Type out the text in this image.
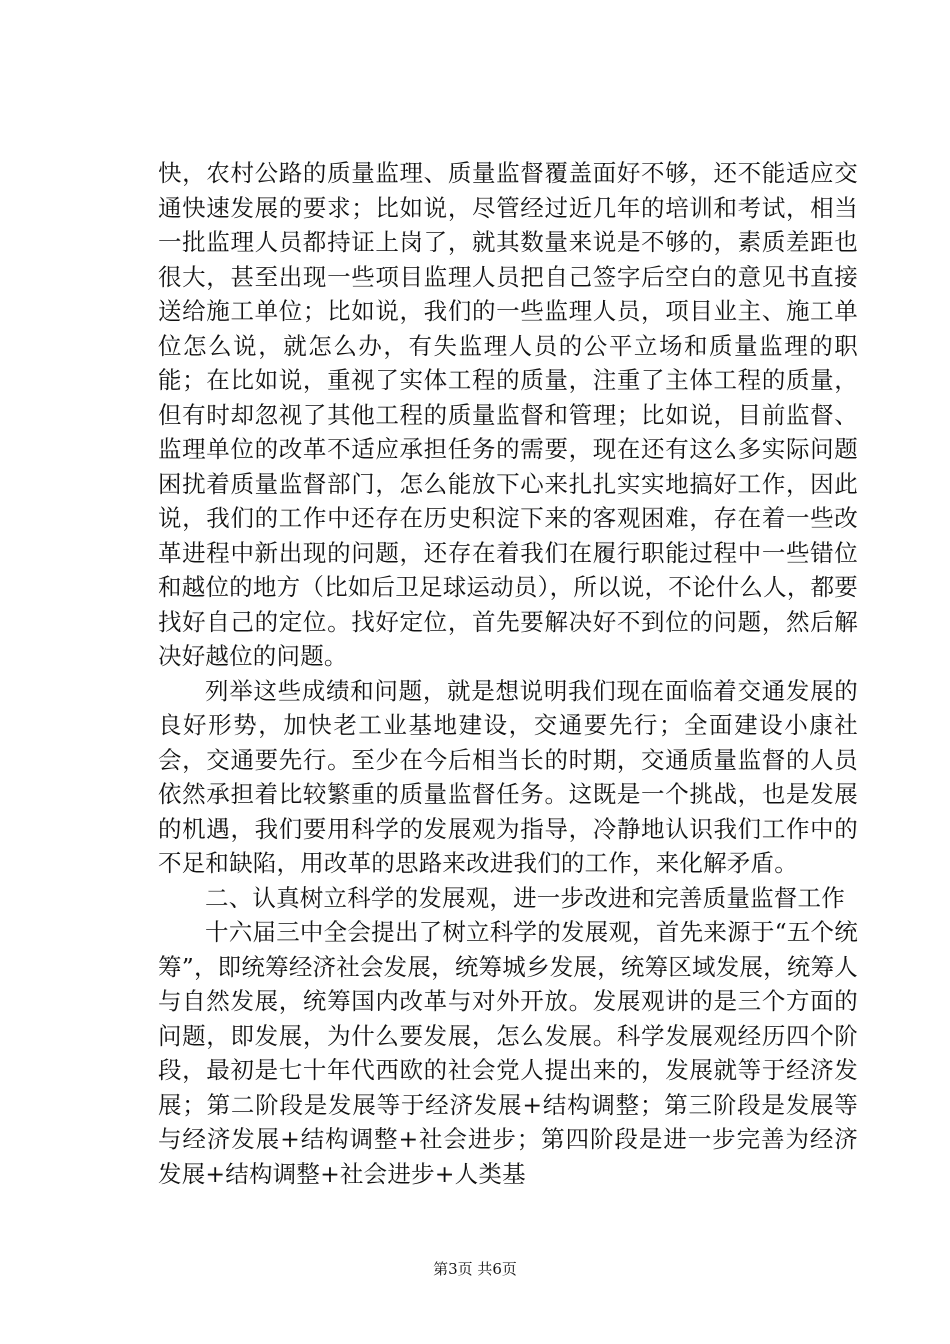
快，农村公路的质量监理、质量监督覆盖面好不够，还不能适应交通快速发展的要求；比如说，尽管经过近几年的培训和考试，相当一批监理人员都持证上岗了，就其数量来说是不够的，素质差距也很大，甚至出现一些项目监理人员把自己签字后空白的意见书直接送给施工单位；比如说，我们的一些监理人员，项目业主、施工单位怎么说，就怎么办，有失监理人员的公平立场和质量监理的职能；在比如说，重视了实体工程的质量，注重了主体工程的质量，但有时却忽视了其他工程的质量监督和管理；比如说，目前监督、监理单位的改革不适应承担任务的需要，现在还有这么多实际问题困扰着质量监督部门，怎么能放下心来扎扎实实地搞好工作，因此说，我们的工作中还存在历史积淀下来的客观困难，存在着一些改革进程中新出现的问题，还存在着我们在履行职能过程中一些错位和越位的地方（比如后卫足球运动员），所以说，不论什么人，都要找好自己的定位。找好定位，首先要解决好不到位的问题，然后解决好越位的问题。

列举这些成绩和问题，就是想说明我们现在面临着交通发展的良好形势，加快老工业基地建设，交通要先行；全面建设小康社会，交通要先行。至少在今后相当长的时期，交通质量监督的人员依然承担着比较繁重的质量监督任务。这既是一个挑战，也是发展的机遇，我们要用科学的发展观为指导，冷静地认识我们工作中的不足和缺陷，用改革的思路来改进我们的工作，来化解矛盾。

二、认真树立科学的发展观，进一步改进和完善质量监督工作

十六届三中全会提出了树立科学的发展观，首先来源于“五个统筹”，即统筹经济社会发展，统筹城乡发展，统筹区域发展，统筹人与自然发展，统筹国内改革与对外开放。发展观讲的是三个方面的问题，即发展，为什么要发展，怎么发展。科学发展观经历四个阶段，最初是七十年代西欧的社会党人提出来的，发展就等于经济发展；第二阶段是发展等于经济发展+结构调整；第三阶段是发展等与经济发展+结构调整+社会进步；第四阶段是进一步完善为经济发展+结构调整+社会进步+人类基

第3页 共6页
